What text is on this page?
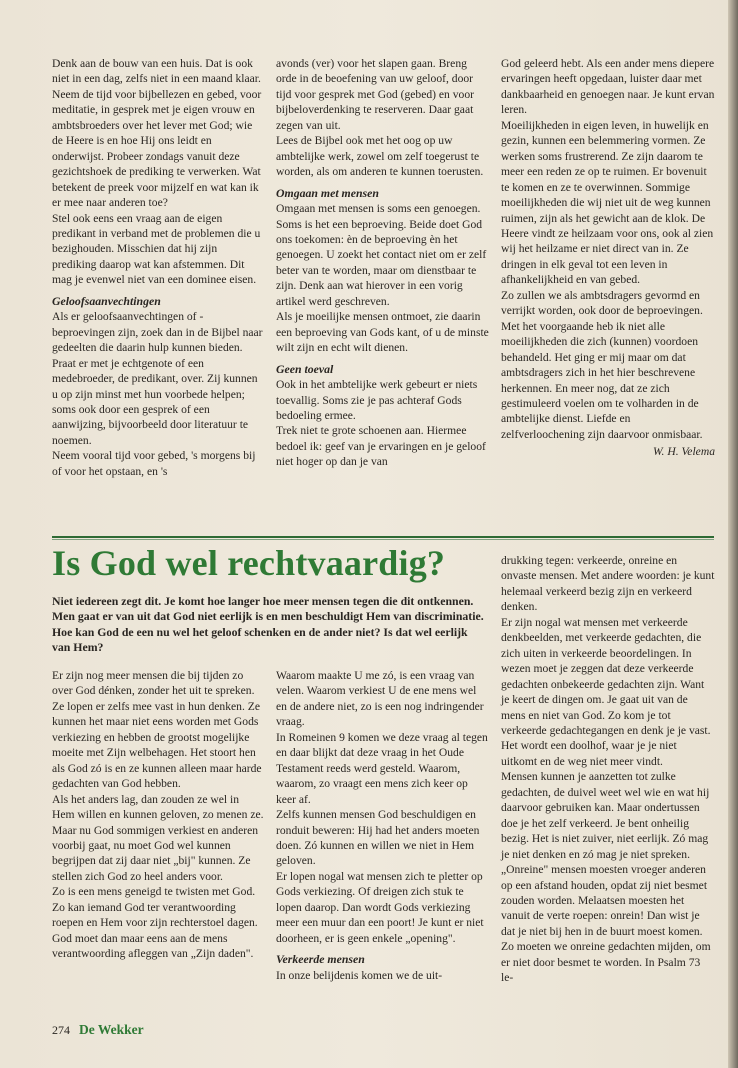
Denk aan de bouw van een huis. Dat is ook niet in een dag, zelfs niet in een maand klaar.

Neem de tijd voor bijbellezen en gebed, voor meditatie, in gesprek met je eigen vrouw en ambtsbroeders over het lever met God; wie de Heere is en hoe Hij ons leidt en onderwijst. Probeer zondags vanuit deze gezichtshoek de prediking te verwerken. Wat betekent de preek voor mijzelf en wat kan ik er mee naar anderen toe?

Stel ook eens een vraag aan de eigen predikant in verband met de problemen die u bezighouden. Misschien dat hij zijn prediking daarop wat kan afstemmen. Dit mag je evenwel niet van een dominee eisen.

Geloofsaanvechtingen

Als er geloofsaanvechtingen of -beproevingen zijn, zoek dan in de Bijbel naar gedeelten die daarin hulp kunnen bieden. Praat er met je echtgenote of een medebroeder, de predikant, over. Zij kunnen u op zijn minst met hun voorbede helpen; soms ook door een gesprek of een aanwijzing, bijvoorbeeld door literatuur te noemen.

Neem vooral tijd voor gebed, 's morgens bij of voor het opstaan, en 's

avonds (ver) voor het slapen gaan. Breng orde in de beoefening van uw geloof, door tijd voor gesprek met God (gebed) en voor bijbeloverdenking te reserveren. Daar gaat zegen van uit.

Lees de Bijbel ook met het oog op uw ambtelijke werk, zowel om zelf toegerust te worden, als om anderen te kunnen toerusten.

Omgaan met mensen

Omgaan met mensen is soms een genoegen. Soms is het een beproeving. Beide doet God ons toekomen: èn de beproeving èn het genoegen. U zoekt het contact niet om er zelf beter van te worden, maar om dienstbaar te zijn. Denk aan wat hierover in een vorig artikel werd geschreven.

Als je moeilijke mensen ontmoet, zie daarin een beproeving van Gods kant, of u de minste wilt zijn en echt wilt dienen.

Geen toeval

Ook in het ambtelijke werk gebeurt er niets toevallig. Soms zie je pas achteraf Gods bedoeling ermee.

Trek niet te grote schoenen aan. Hiermee bedoel ik: geef van je ervaringen en je geloof niet hoger op dan je van

God geleerd hebt. Als een ander mens diepere ervaringen heeft opgedaan, luister daar met dankbaarheid en genoegen naar. Je kunt ervan leren.

Moeilijkheden in eigen leven, in huwelijk en gezin, kunnen een belemmering vormen. Ze werken soms frustrerend. Ze zijn daarom te meer een reden ze op te ruimen. Er bovenuit te komen en ze te overwinnen. Sommige moeilijkheden die wij niet uit de weg kunnen ruimen, zijn als het gewicht aan de klok. De Heere vindt ze heilzaam voor ons, ook al zien wij het heilzame er niet direct van in. Ze dringen in elk geval tot een leven in afhankelijkheid en van gebed.

Zo zullen we als ambtsdragers gevormd en verrijkt worden, ook door de beproevingen.

Met het voorgaande heb ik niet alle moeilijkheden die zich (kunnen) voordoen behandeld. Het ging er mij maar om dat ambtsdragers zich in het hier beschrevene herkennen. En meer nog, dat ze zich gestimuleerd voelen om te volharden in de ambtelijke dienst. Liefde en zelfverloochening zijn daarvoor onmisbaar.

W. H. Velema

Is God wel rechtvaardig?
Niet iedereen zegt dit. Je komt hoe langer hoe meer mensen tegen die dit ontkennen. Men gaat er van uit dat God niet eerlijk is en men beschuldigt Hem van discriminatie. Hoe kan God de een nu wel het geloof schenken en de ander niet? Is dat wel eerlijk van Hem?

Er zijn nog meer mensen die bij tijden zo over God dénken, zonder het uit te spreken. Ze lopen er zelfs mee vast in hun denken. Ze kunnen het maar niet eens worden met Gods verkiezing en hebben de grootst mogelijke moeite met Zijn welbehagen. Het stoort hen als God zó is en ze kunnen alleen maar harde gedachten van God hebben.

Als het anders lag, dan zouden ze wel in Hem willen en kunnen geloven, zo menen ze. Maar nu God sommigen verkiest en anderen voorbij gaat, nu moet God wel kunnen begrijpen dat zij daar niet „bij" kunnen. Ze stellen zich God zo heel anders voor.

Zo is een mens geneigd te twisten met God. Zo kan iemand God ter verantwoording roepen en Hem voor zijn rechterstoel dagen. God moet dan maar eens aan de mens verantwoording afleggen van „Zijn daden".

Waarom maakte U me zó, is een vraag van velen. Waarom verkiest U de ene mens wel en de andere niet, zo is een nog indringender vraag.

In Romeinen 9 komen we deze vraag al tegen en daar blijkt dat deze vraag in het Oude Testament reeds werd gesteld. Waarom, waarom, zo vraagt een mens zich keer op keer af.

Zelfs kunnen mensen God beschuldigen en ronduit beweren: Hij had het anders moeten doen. Zó kunnen en willen we niet in Hem geloven.

Er lopen nogal wat mensen zich te pletter op Gods verkiezing. Of dreigen zich stuk te lopen daarop. Dan wordt Gods verkiezing meer een muur dan een poort! Je kunt er niet doorheen, er is geen enkele „opening".

Verkeerde mensen

In onze belijdenis komen we de uit-

drukking tegen: verkeerde, onreine en onvaste mensen. Met andere woorden: je kunt helemaal verkeerd bezig zijn en verkeerd denken.

Er zijn nogal wat mensen met verkeerde denkbeelden, met verkeerde gedachten, die zich uiten in verkeerde beoordelingen. In wezen moet je zeggen dat deze verkeerde gedachten onbekeerde gedachten zijn. Want je keert de dingen om. Je gaat uit van de mens en niet van God. Zo kom je tot verkeerde gedachtegangen en denk je je vast. Het wordt een doolhof, waar je je niet uitkomt en de weg niet meer vindt.

Mensen kunnen je aanzetten tot zulke gedachten, de duivel weet wel wie en wat hij daarvoor gebruiken kan. Maar ondertussen doe je het zelf verkeerd. Je bent onheilig bezig. Het is niet zuiver, niet eerlijk. Zó mag je niet denken en zó mag je niet spreken. „Onreine" mensen moesten vroeger anderen op een afstand houden, opdat zij niet besmet zouden worden. Melaatsen moesten het vanuit de verte roepen: onrein! Dan wist je dat je niet bij hen in de buurt moest komen. Zo moeten we onreine gedachten mijden, om er niet door besmet te worden. In Psalm 73 le-

274 De Wekker
